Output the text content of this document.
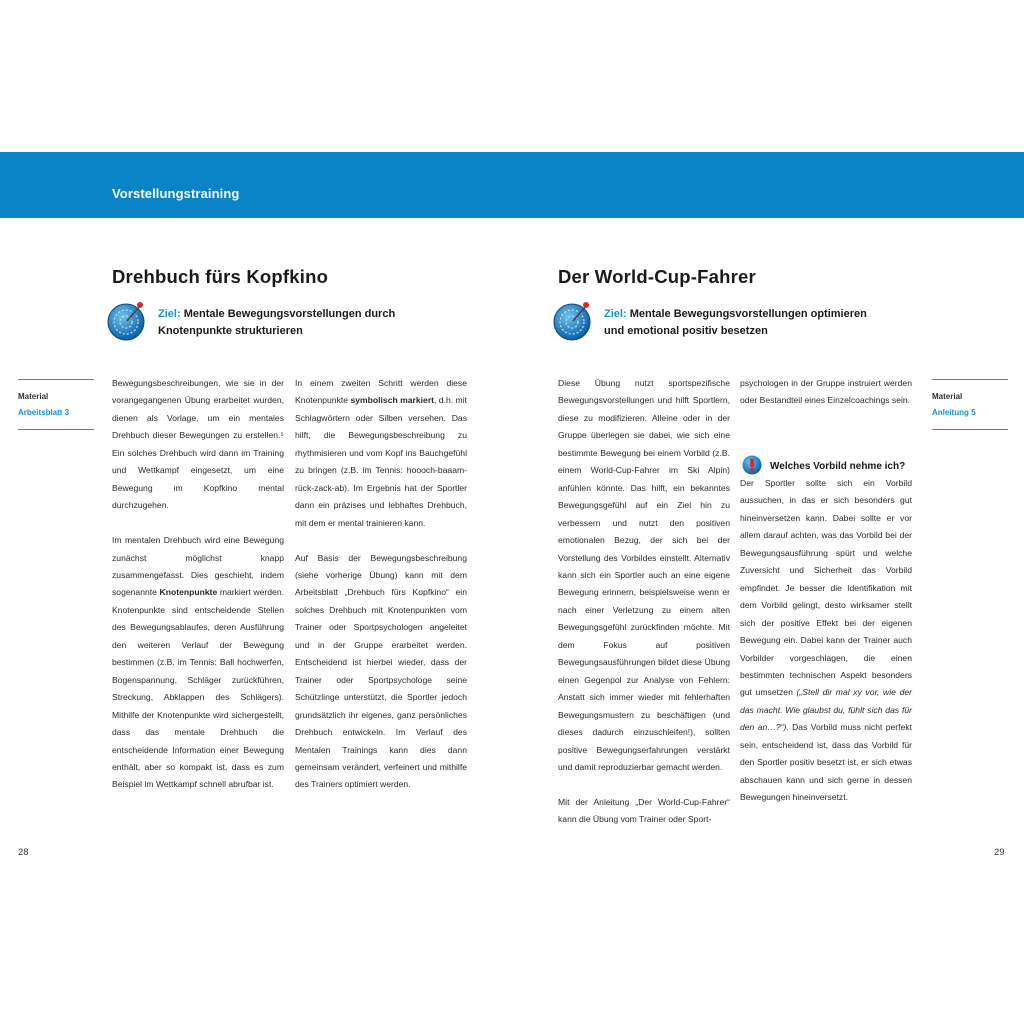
Vorstellungstraining
Drehbuch fürs Kopfkino
Ziel: Mentale Bewegungsvorstellungen durch
Knotenpunkte strukturieren
Material
Arbeitsblatt 3

Bewegungsbeschreibungen, wie sie in der vorangegangenen Übung erarbeitet wurden, dienen als Vorlage, um ein mentales Drehbuch dieser Bewegungen zu erstellen.⁵ Ein solches Drehbuch wird dann im Training und Wettkampf eingesetzt, um eine Bewegung im Kopfkino mental durchzugehen.

Im mentalen Drehbuch wird eine Bewegung zunächst möglichst knapp zusammengefasst. Dies geschieht, indem sogenannte Knotenpunkte markiert werden. Knotenpunkte sind entscheidende Stellen des Bewegungsablaufes, deren Ausführung den weiteren Verlauf der Bewegung bestimmen (z.B. im Tennis: Ball hochwerfen, Bogenspannung, Schläger zurückführen, Streckung, Abklappen des Schlägers). Mithilfe der Knotenpunkte wird sichergestellt, dass das mentale Drehbuch die entscheidende Information einer Bewegung enthält, aber so kompakt ist, dass es zum Beispiel im Wettkampf schnell abrufbar ist.

In einem zweiten Schritt werden diese Knotenpunkte symbolisch markiert, d.h. mit Schlagwörtern oder Silben versehen. Das hilft, die Bewegungsbeschreibung zu rhythmisieren und vom Kopf ins Bauchgefühl zu bringen (z.B. im Tennis: hoooch-baaam-rück-zack-ab). Im Ergebnis hat der Sportler dann ein präzises und lebhaftes Drehbuch, mit dem er mental trainieren kann.

Auf Basis der Bewegungsbeschreibung (siehe vorherige Übung) kann mit dem Arbeitsblatt „Drehbuch fürs Kopfkino“ ein solches Drehbuch mit Knotenpunkten vom Trainer oder Sportpsychologen angeleitet und in der Gruppe erarbeitet werden. Entscheidend ist hierbei wieder, dass der Trainer oder Sportpsychologe seine Schützlinge unterstützt, die Sportler jedoch grundsätzlich ihr eigenes, ganz persönliches Drehbuch entwickeln. Im Verlauf des Mentalen Trainings kann dies dann gemeinsam verändert, verfeinert und mithilfe des Trainers optimiert werden.

28
Der World-Cup-Fahrer
Ziel: Mentale Bewegungsvorstellungen optimieren
und emotional positiv besetzen

Diese Übung nutzt sportspezifische Bewegungsvorstellungen und hilft Sportlern, diese zu modifizieren. Alleine oder in der Gruppe überlegen sie dabei, wie sich eine bestimmte Bewegung bei einem Vorbild (z.B. einem World-Cup-Fahrer im Ski Alpin) anfühlen könnte. Das hilft, ein bekanntes Bewegungsgefühl auf ein Ziel hin zu verbessern und nutzt den positiven emotionalen Bezug, der sich bei der Vorstellung des Vorbildes einstellt. Alternativ kann sich ein Sportler auch an eine eigene Bewegung erinnern, beispielsweise wenn er nach einer Verletzung zu einem alten Bewegungsgefühl zurückfinden möchte. Mit dem Fokus auf positiven Bewegungsausführungen bildet diese Übung einen Gegenpol zur Analyse von Fehlern: Anstatt sich immer wieder mit fehlerhaften Bewegungsmustern zu beschäftigen (und dieses dadurch einzuschleifen!), sollten positive Bewegungserfahrungen verstärkt und damit reproduzierbar gemacht werden.

Mit der Anleitung „Der World-Cup-Fahrer“ kann die Übung vom Trainer oder Sport-

psychologen in der Gruppe instruiert werden oder Bestandteil eines Einzelcoachings sein.

Welches Vorbild nehme ich?

Der Sportler sollte sich ein Vorbild aussuchen, in das er sich besonders gut hineinversetzen kann. Dabei sollte er vor allem darauf achten, was das Vorbild bei der Bewegungsausführung spürt und welche Zuversicht und Sicherheit das Vorbild empfindet. Je besser die Identifikation mit dem Vorbild gelingt, desto wirksamer stellt sich der positive Effekt bei der eigenen Bewegung ein. Dabei kann der Trainer auch Vorbilder vorgeschlagen, die einen bestimmten technischen Aspekt besonders gut umsetzen („Stell dir mal xy vor, wie der das macht. Wie glaubst du, fühlt sich das für den an…?“). Das Vorbild muss nicht perfekt sein, entscheidend ist, dass das Vorbild für den Sportler positiv besetzt ist, er sich etwas abschauen kann und sich gerne in dessen Bewegungen hineinversetzt.

Material
Anleitung 5
29
